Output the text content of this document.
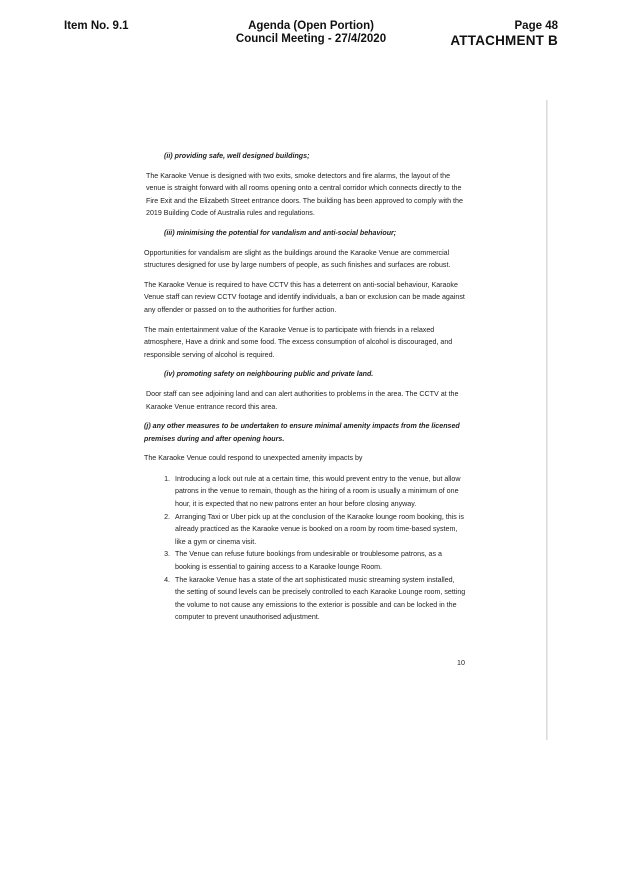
Item No. 9.1	Agenda (Open Portion)
Council Meeting - 27/4/2020
Page 48
ATTACHMENT B

(ii) providing safe, well designed buildings;

The Karaoke Venue is designed with two exits, smoke detectors and fire alarms, the layout of the venue is straight forward with all rooms opening onto a central corridor which connects directly to the Fire Exit and the Elizabeth Street entrance doors. The building has been approved to comply with the 2019 Building Code of Australia rules and regulations.

(iii) minimising the potential for vandalism and anti-social behaviour;

Opportunities for vandalism are slight as the buildings around the Karaoke Venue are commercial structures designed for use by large numbers of people, as such finishes and surfaces are robust.

The Karaoke Venue is required to have CCTV this has a deterrent on anti-social behaviour, Karaoke Venue staff can review CCTV footage and identify individuals, a ban or exclusion can be made against any offender or passed on to the authorities for further action.

The main entertainment value of the Karaoke Venue is to participate with friends in a relaxed atmosphere, Have a drink and some food. The excess consumption of alcohol is discouraged, and responsible serving of alcohol is required.

(iv) promoting safety on neighbouring public and private land.

Door staff can see adjoining land and can alert authorities to problems in the area. The CCTV at the Karaoke Venue entrance record this area.

(j) any other measures to be undertaken to ensure minimal amenity impacts from the licensed premises during and after opening hours.

The Karaoke Venue could respond to unexpected amenity impacts by

1. Introducing a lock out rule at a certain time, this would prevent entry to the venue, but allow patrons in the venue to remain, though as the hiring of a room is usually a minimum of one hour, it is expected that no new patrons enter an hour before closing anyway.
2. Arranging Taxi or Uber pick up at the conclusion of the Karaoke lounge room booking, this is already practiced as the Karaoke venue is booked on a room by room time-based system, like a gym or cinema visit.
3. The Venue can refuse future bookings from undesirable or troublesome patrons, as a booking is essential to gaining access to a Karaoke lounge Room.
4. The karaoke Venue has a state of the art sophisticated music streaming system installed, the setting of sound levels can be precisely controlled to each Karaoke Lounge room, setting the volume to not cause any emissions to the exterior is possible and can be locked in the computer to prevent unauthorised adjustment.
10
